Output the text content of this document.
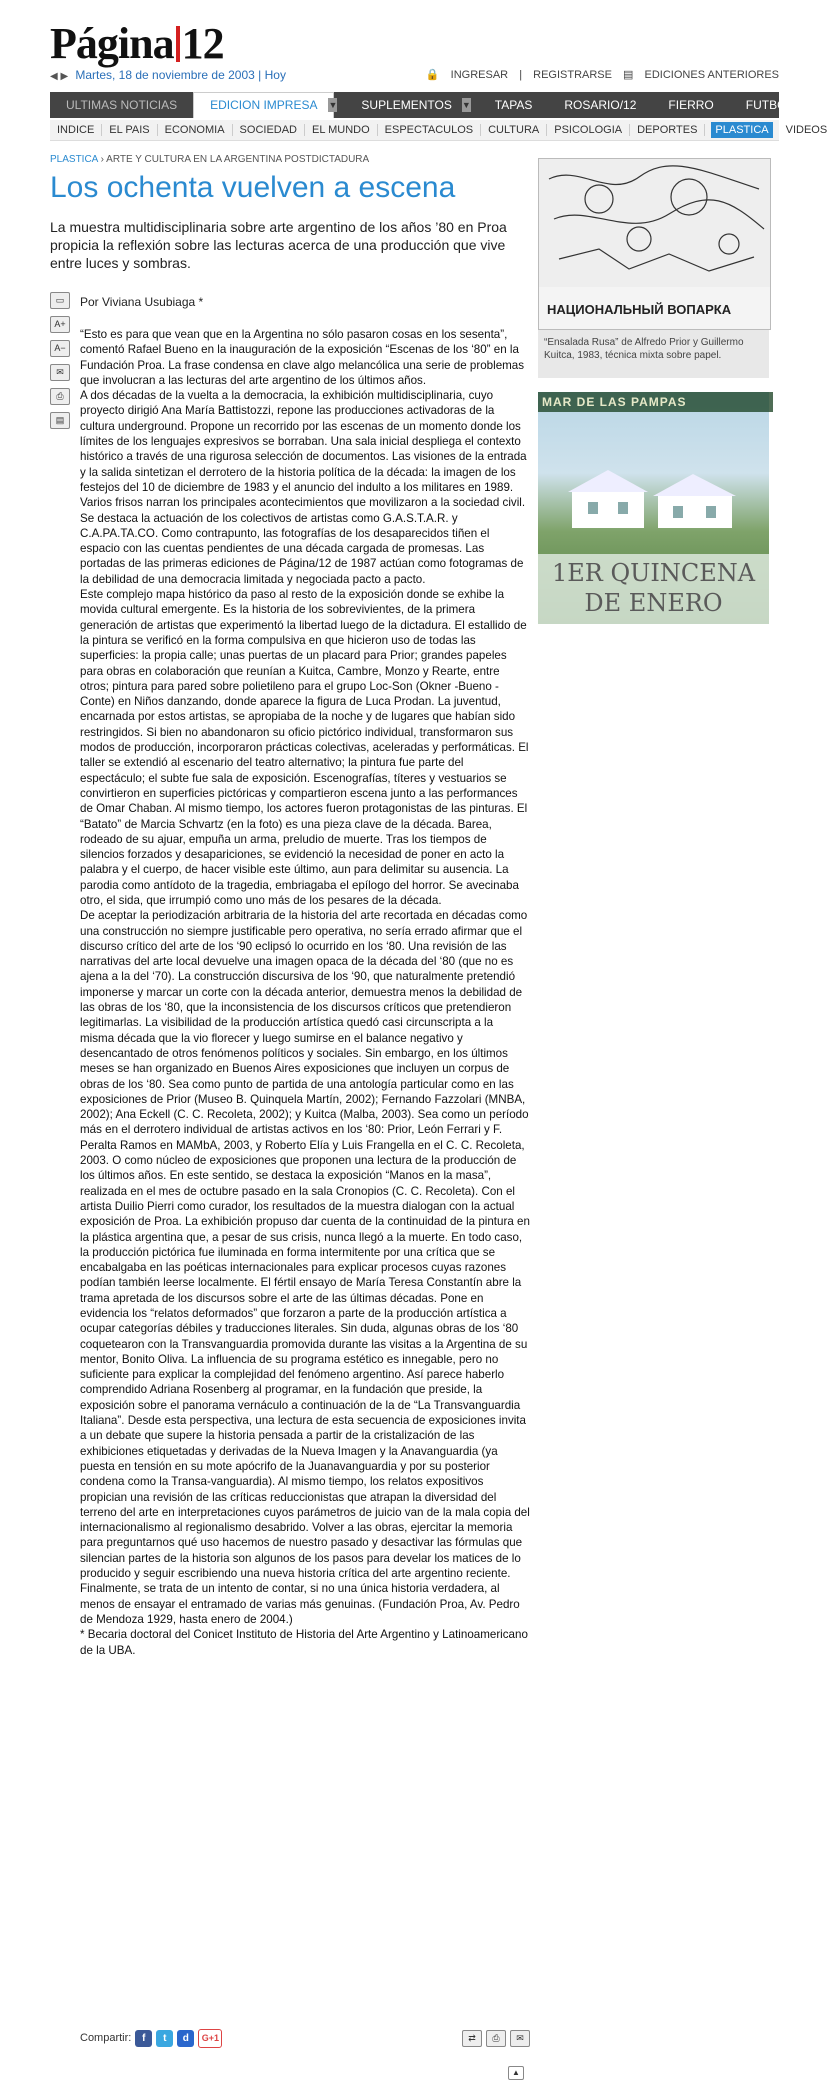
Página 12
◀ ▶ Martes, 18 de noviembre de 2003 | Hoy	🔒 INGRESAR | REGISTRARSE ▤ EDICIONES ANTERIORES
ULTIMAS NOTICIAS	EDICION IMPRESA	▼	SUPLEMENTOS	▼	TAPAS	ROSARIO/12	FIERRO	FUTBOL
INDICE	EL PAIS	ECONOMIA	SOCIEDAD	EL MUNDO	ESPECTACULOS	CULTURA	PSICOLOGIA	DEPORTES	PLASTICA	VIDEOS
PLASTICA › ARTE Y CULTURA EN LA ARGENTINA POSTDICTADURA
Los ochenta vuelven a escena

La muestra multidisciplinaria sobre arte argentino de los años ’80 en Proa propicia la reflexión sobre las lecturas acerca de una producción que vive entre luces y sombras.

▭
A+
A−
✉
⎙
▤
Por Viviana Usubiaga *

“Esto es para que vean que en la Argentina no sólo pasaron cosas en los sesenta”, comentó Rafael Bueno en la inauguración de la exposición “Escenas de los ‘80” en la Fundación Proa. La frase condensa en clave algo melancólica una serie de problemas que involucran a las lecturas del arte argentino de los últimos años.

A dos décadas de la vuelta a la democracia, la exhibición multidisciplinaria, cuyo proyecto dirigió Ana María Battistozzi, repone las producciones activadoras de la cultura underground. Propone un recorrido por las escenas de un momento donde los límites de los lenguajes expresivos se borraban. Una sala inicial despliega el contexto histórico a través de una rigurosa selección de documentos. Las visiones de la entrada y la salida sintetizan el derrotero de la historia política de la década: la imagen de los festejos del 10 de diciembre de 1983 y el anuncio del indulto a los militares en 1989. Varios frisos narran los principales acontecimientos que movilizaron a la sociedad civil. Se destaca la actuación de los colectivos de artistas como G.A.S.T.A.R. y C.A.PA.TA.CO. Como contrapunto, las fotografías de los desaparecidos tiñen el espacio con las cuentas pendientes de una década cargada de promesas. Las portadas de las primeras ediciones de Página/12 de 1987 actúan como fotogramas de la debilidad de una democracia limitada y negociada pacto a pacto.

Este complejo mapa histórico da paso al resto de la exposición donde se exhibe la movida cultural emergente. Es la historia de los sobrevivientes, de la primera generación de artistas que experimentó la libertad luego de la dictadura. El estallido de la pintura se verificó en la forma compulsiva en que hicieron uso de todas las superficies: la propia calle; unas puertas de un placard para Prior; grandes papeles para obras en colaboración que reunían a Kuitca, Cambre, Monzo y Rearte, entre otros; pintura para pared sobre polietileno para el grupo Loc-Son (Okner -Bueno - Conte) en Niños danzando, donde aparece la figura de Luca Prodan. La juventud, encarnada por estos artistas, se apropiaba de la noche y de lugares que habían sido restringidos. Si bien no abandonaron su oficio pictórico individual, transformaron sus modos de producción, incorporaron prácticas colectivas, aceleradas y performáticas. El taller se extendió al escenario del teatro alternativo; la pintura fue parte del espectáculo; el subte fue sala de exposición. Escenografías, títeres y vestuarios se convirtieron en superficies pictóricas y compartieron escena junto a las performances de Omar Chaban. Al mismo tiempo, los actores fueron protagonistas de las pinturas. El “Batato” de Marcia Schvartz (en la foto) es una pieza clave de la década. Barea, rodeado de su ajuar, empuña un arma, preludio de muerte. Tras los tiempos de silencios forzados y desapariciones, se evidenció la necesidad de poner en acto la palabra y el cuerpo, de hacer visible este último, aun para delimitar su ausencia. La parodia como antídoto de la tragedia, embriagaba el epílogo del horror. Se avecinaba otro, el sida, que irrumpió como uno más de los pesares de la década.

De aceptar la periodización arbitraria de la historia del arte recortada en décadas como una construcción no siempre justificable pero operativa, no sería errado afirmar que el discurso crítico del arte de los ‘90 eclipsó lo ocurrido en los ‘80. Una revisión de las narrativas del arte local devuelve una imagen opaca de la década del ‘80 (que no es ajena a la del ‘70). La construcción discursiva de los ‘90, que naturalmente pretendió imponerse y marcar un corte con la década anterior, demuestra menos la debilidad de las obras de los ‘80, que la inconsistencia de los discursos críticos que pretendieron legitimarlas. La visibilidad de la producción artística quedó casi circunscripta a la misma década que la vio florecer y luego sumirse en el balance negativo y desencantado de otros fenómenos políticos y sociales. Sin embargo, en los últimos meses se han organizado en Buenos Aires exposiciones que incluyen un corpus de obras de los ‘80. Sea como punto de partida de una antología particular como en las exposiciones de Prior (Museo B. Quinquela Martín, 2002); Fernando Fazzolari (MNBA, 2002); Ana Eckell (C. C. Recoleta, 2002); y Kuitca (Malba, 2003). Sea como un período más en el derrotero individual de artistas activos en los ‘80: Prior, León Ferrari y F. Peralta Ramos en MAMbA, 2003, y Roberto Elía y Luis Frangella en el C. C. Recoleta, 2003. O como núcleo de exposiciones que proponen una lectura de la producción de los últimos años. En este sentido, se destaca la exposición “Manos en la masa”, realizada en el mes de octubre pasado en la sala Cronopios (C. C. Recoleta). Con el artista Duilio Pierri como curador, los resultados de la muestra dialogan con la actual exposición de Proa. La exhibición propuso dar cuenta de la continuidad de la pintura en la plástica argentina que, a pesar de sus crisis, nunca llegó a la muerte. En todo caso, la producción pictórica fue iluminada en forma intermitente por una crítica que se encabalgaba en las poéticas internacionales para explicar procesos cuyas razones podían también leerse localmente. El fértil ensayo de María Teresa Constantín abre la trama apretada de los discursos sobre el arte de las últimas décadas. Pone en evidencia los “relatos deformados” que forzaron a parte de la producción artística a ocupar categorías débiles y traducciones literales. Sin duda, algunas obras de los ‘80 coquetearon con la Transvanguardia promovida durante las visitas a la Argentina de su mentor, Bonito Oliva. La influencia de su programa estético es innegable, pero no suficiente para explicar la complejidad del fenómeno argentino. Así parece haberlo comprendido Adriana Rosenberg al programar, en la fundación que preside, la exposición sobre el panorama vernáculo a continuación de la de “La Transvanguardia Italiana”. Desde esta perspectiva, una lectura de esta secuencia de exposiciones invita a un debate que supere la historia pensada a partir de la cristalización de las exhibiciones etiquetadas y derivadas de la Nueva Imagen y la Anavanguardia (ya puesta en tensión en su mote apócrifo de la Juanavanguardia y por su posterior condena como la Transa-vanguardia). Al mismo tiempo, los relatos expositivos propician una revisión de las críticas reduccionistas que atrapan la diversidad del terreno del arte en interpretaciones cuyos parámetros de juicio van de la mala copia del internacionalismo al regionalismo desabrido. Volver a las obras, ejercitar la memoria para preguntarnos qué uso hacemos de nuestro pasado y desactivar las fórmulas que silencian partes de la historia son algunos de los pasos para develar los matices de lo producido y seguir escribiendo una nueva historia crítica del arte argentino reciente. Finalmente, se trata de un intento de contar, si no una única historia verdadera, al menos de ensayar el entramado de varias más genuinas. (Fundación Proa, Av. Pedro de Mendoza 1929, hasta enero de 2004.)

* Becaria doctoral del Conicet Instituto de Historia del Arte Argentino y Latinoamericano de la UBA.

Compartir:	f	t	d	G+1	⇄	⎙	✉
▲
НАЦИОНАЛЬНЫЙ ВОПАРКА
“Ensalada Rusa” de Alfredo Prior y Guillermo Kuitca, 1983, técnica mixta sobre papel.
MAR DE LAS PAMPAS
1ER QUINCENA
DE ENERO
